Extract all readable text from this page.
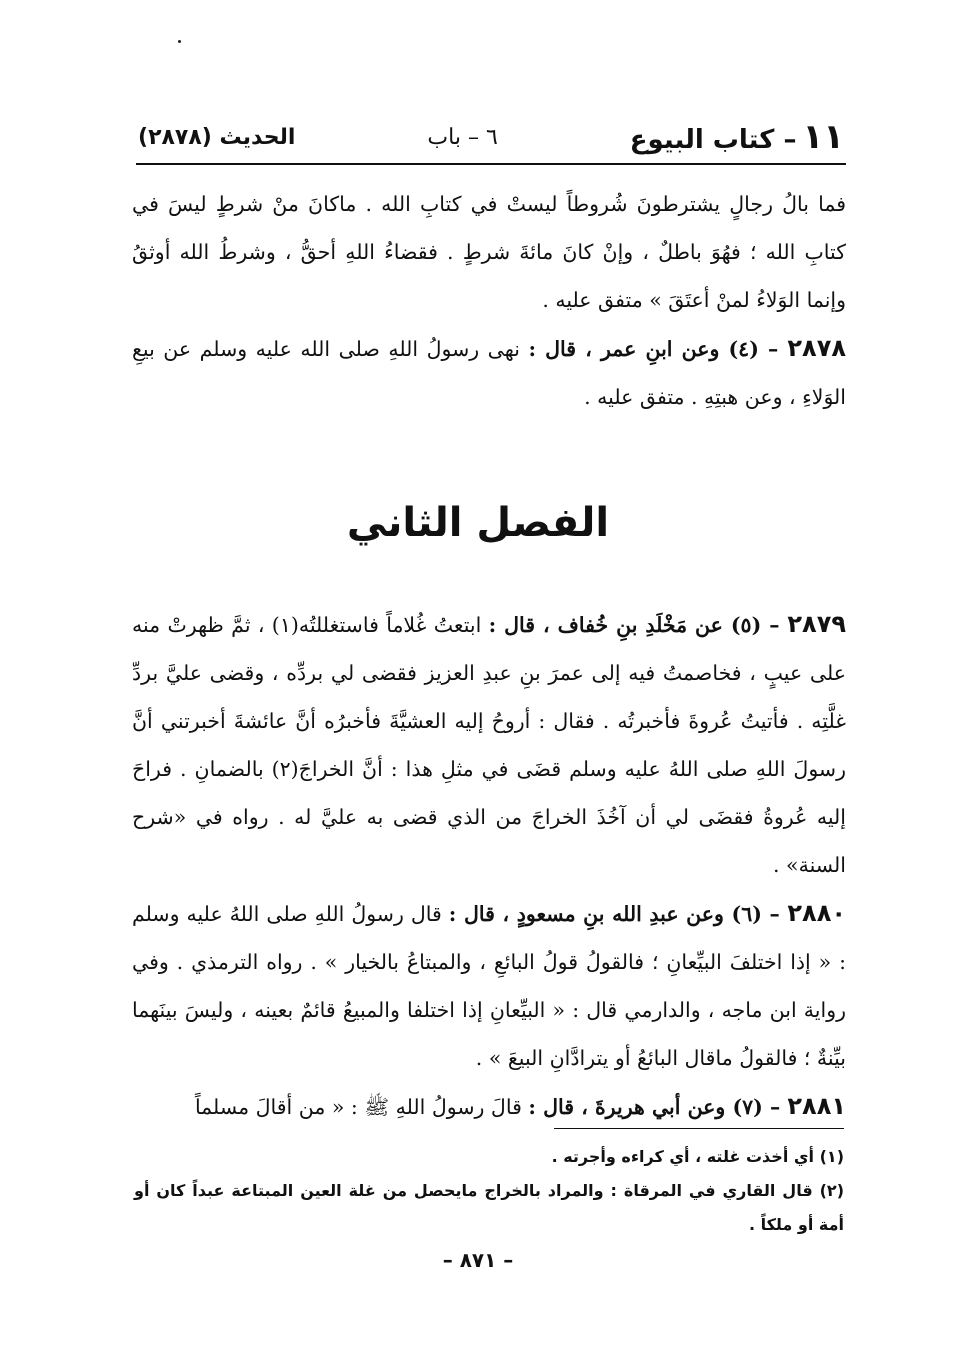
١١– كتاب البيوع
٦ – باب
الحديث (٢٨٧٨)

فما بالُ رجالٍ يشترطونَ شُروطاً ليستْ في كتابِ الله . ماكانَ منْ شرطٍ ليسَ في كتابِ الله ؛ فهُوَ باطلٌ ، وإنْ كانَ مائةَ شرطٍ . فقضاءُ اللهِ أحقُّ ، وشرطُ الله أوثقُ وإنما الوَلاءُ لمنْ أعتَقَ » متفق عليه .

٢٨٧٨ – (٤) وعن ابنِ عمر ، قال : نهى رسولُ اللهِ صلى الله عليه وسلم عن بيعِ الوَلاءِ ، وعن هبتِهِ . متفق عليه .

الفصل الثاني

٢٨٧٩ – (٥) عن مَخْلَدِ بنِ خُفاف ، قال : ابتعتُ غُلاماً فاستغللتُه(١) ، ثمَّ ظهرتْ منه على عيبٍ ، فخاصمتُ فيه إلى عمرَ بنِ عبدِ العزيز فقضى لي بردِّه ، وقضى عليَّ بردِّ غلَّتِه . فأتيتُ عُروةَ فأخبرتُه . فقال : أروحُ إليه العشيَّةَ فأخبرُه أنَّ عائشةَ أخبرتني أنَّ رسولَ اللهِ صلى اللهُ عليه وسلم قضَى في مثلِ هذا : أنَّ الخراجَ(٢) بالضمانِ . فراحَ إليه عُروةُ فقضَى لي أن آخُذَ الخراجَ من الذي قضى به عليَّ له . رواه في «شرح السنة» .

٢٨٨٠ – (٦) وعن عبدِ الله بنِ مسعودٍ ، قال : قال رسولُ اللهِ صلى اللهُ عليه وسلم : « إذا اختلفَ البيِّعانِ ؛ فالقولُ قولُ البائعِ ، والمبتاعُ بالخيار » . رواه الترمذي . وفي رواية ابن ماجه ، والدارمي قال : « البيِّعانِ إذا اختلفا والمبيعُ قائمٌ بعينه ، وليسَ بينَهما بيِّنةٌ ؛ فالقولُ ماقال البائعُ أو يترادَّانِ البيعَ » .

٢٨٨١ – (٧) وعن أبي هريرةَ ، قال : قالَ رسولُ اللهِ ﷺ : « من أقالَ مسلماً

(١) أي أخذت غلته ، أي كراءه وأجرته .

(٢) قال القاري في المرقاة : والمراد بالخراج مايحصل من غلة العين المبتاعة عبداً كان أو أمة أو ملكاً .

– ٨٧١ –
